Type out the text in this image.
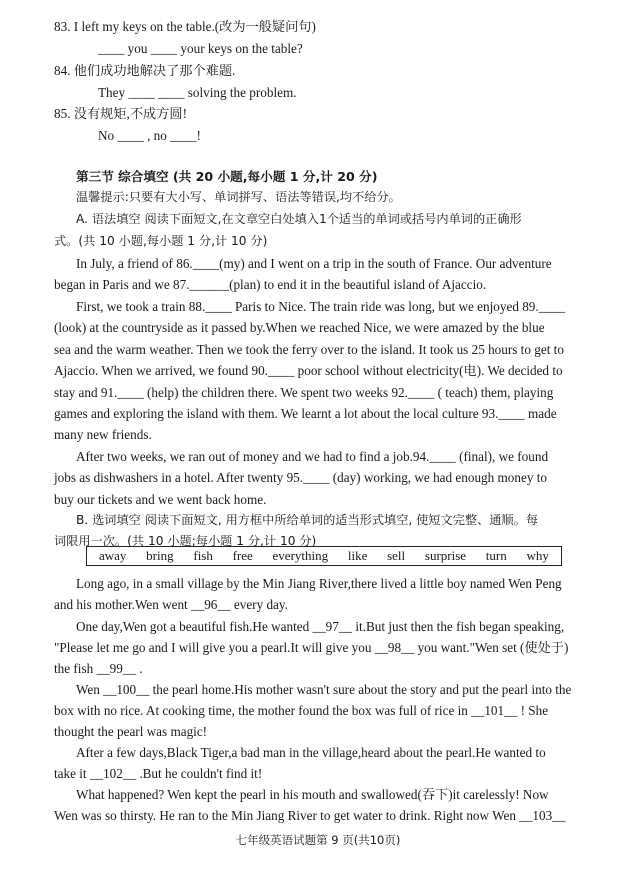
83. I left my keys on the table.(改为一般疑问句)
____ you ____ your keys on the table?
84. 他们成功地解决了那个难题.
They ____ ____ solving the problem.
85. 没有规矩,不成方圆!
No ____ , no ____!
第三节 综合填空 (共 20 小题,每小题 1 分,计 20 分)
温馨提示:只要有大小写、单词拼写、语法等错误,均不给分。
A. 语法填空 阅读下面短文,在文章空白处填入1个适当的单词或括号内单词的正确形
式。(共 10 小题,每小题 1 分,计 10 分)
In July, a friend of 86.____(my) and I went on a trip in the south of France. Our adventure
began in Paris and we 87.______(plan) to end it in the beautiful island of Ajaccio.
First, we took a train 88.____ Paris to Nice. The train ride was long, but we enjoyed 89.____
(look) at the countryside as it passed by.When we reached Nice, we were amazed by the blue
sea and the warm weather. Then we took the ferry over to the island. It took us 25 hours to get to
Ajaccio. When we arrived, we found 90.____ poor school without electricity(电). We decided to
stay and 91.____ (help) the children there. We spent two weeks 92.____ ( teach) them, playing
games and exploring the island with them. We learnt a lot about the local culture 93.____ made
many new friends.
After two weeks, we ran out of money and we had to find a job.94.____ (final), we found
jobs as dishwashers in a hotel. After twenty 95.____ (day) working, we had enough money to
buy our tickets and we went back home.
B. 选词填空 阅读下面短文, 用方框中所给单词的适当形式填空, 使短文完整、通顺。每
词限用一次。(共 10 小题;每小题 1 分,计 10 分)
away bring fish free everything like sell surprise turn why
Long ago, in a small village by the Min Jiang River,there lived a little boy named Wen Peng
and his mother.Wen went __96__ every day.
One day,Wen got a beautiful fish.He wanted __97__ it.But just then the fish began speaking,
"Please let me go and I will give you a pearl.It will give you __98__ you want."Wen set (使处于)
the fish __99__ .
Wen __100__ the pearl home.His mother wasn't sure about the story and put the pearl into the
box with no rice. At cooking time, the mother found the box was full of rice in __101__ ! She
thought the pearl was magic!
After a few days,Black Tiger,a bad man in the village,heard about the pearl.He wanted to
take it __102__ .But he couldn't find it!
What happened? Wen kept the pearl in his mouth and swallowed(吞下)it carelessly! Now
Wen was so thirsty. He ran to the Min Jiang River to get water to drink. Right now Wen __103__
七年级英语试题第 9 页(共10页)
